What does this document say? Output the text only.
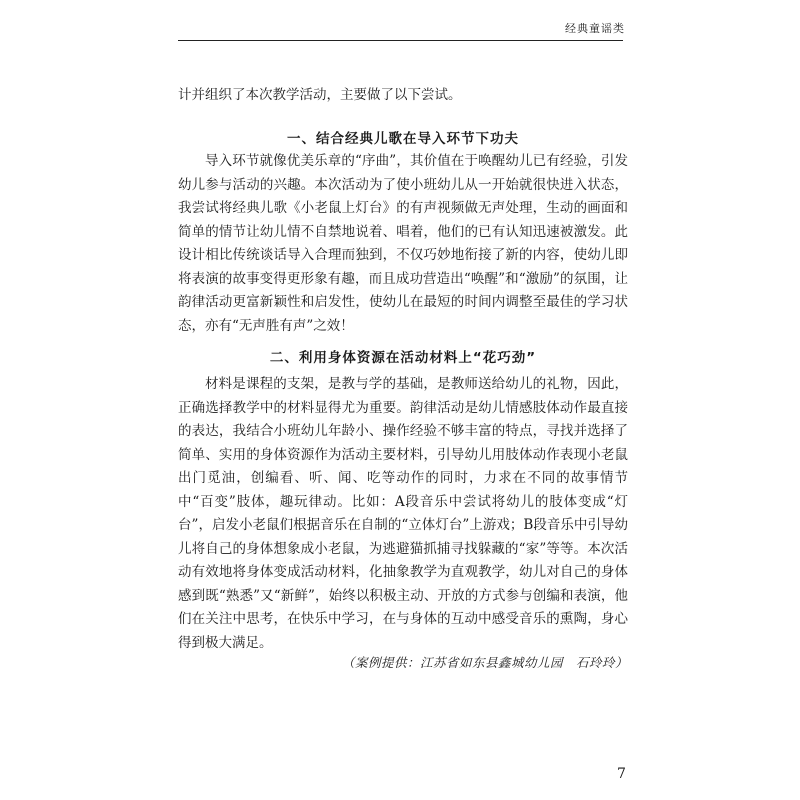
经典童谣类
计并组织了本次教学活动，主要做了以下尝试。
一、结合经典儿歌在导入环节下功夫

导入环节就像优美乐章的“序曲”，其价值在于唤醒幼儿已有经验，引发幼儿参与活动的兴趣。本次活动为了使小班幼儿从一开始就很快进入状态，我尝试将经典儿歌《小老鼠上灯台》的有声视频做无声处理，生动的画面和简单的情节让幼儿情不自禁地说着、唱着，他们的已有认知迅速被激发。此设计相比传统谈话导入合理而独到，不仅巧妙地衔接了新的内容，使幼儿即将表演的故事变得更形象有趣，而且成功营造出“唤醒”和“激励”的氛围，让韵律活动更富新颖性和启发性，使幼儿在最短的时间内调整至最佳的学习状态，亦有“无声胜有声”之效！

二、利用身体资源在活动材料上“花巧劲”

材料是课程的支架，是教与学的基础，是教师送给幼儿的礼物，因此，正确选择教学中的材料显得尤为重要。韵律活动是幼儿情感肢体动作最直接的表达，我结合小班幼儿年龄小、操作经验不够丰富的特点，寻找并选择了简单、实用的身体资源作为活动主要材料，引导幼儿用肢体动作表现小老鼠出门觅油，创编看、听、闻、吃等动作的同时，力求在不同的故事情节中“百变”肢体，趣玩律动。比如：A段音乐中尝试将幼儿的肢体变成“灯台”，启发小老鼠们根据音乐在自制的“立体灯台”上游戏；B段音乐中引导幼儿将自己的身体想象成小老鼠，为逃避猫抓捕寻找躲藏的“家”等等。本次活动有效地将身体变成活动材料，化抽象教学为直观教学，幼儿对自己的身体感到既“熟悉”又“新鲜”，始终以积极主动、开放的方式参与创编和表演，他们在关注中思考，在快乐中学习，在与身体的互动中感受音乐的熏陶，身心得到极大满足。

（案例提供：江苏省如东县鑫城幼儿园　石玲玲）
7
